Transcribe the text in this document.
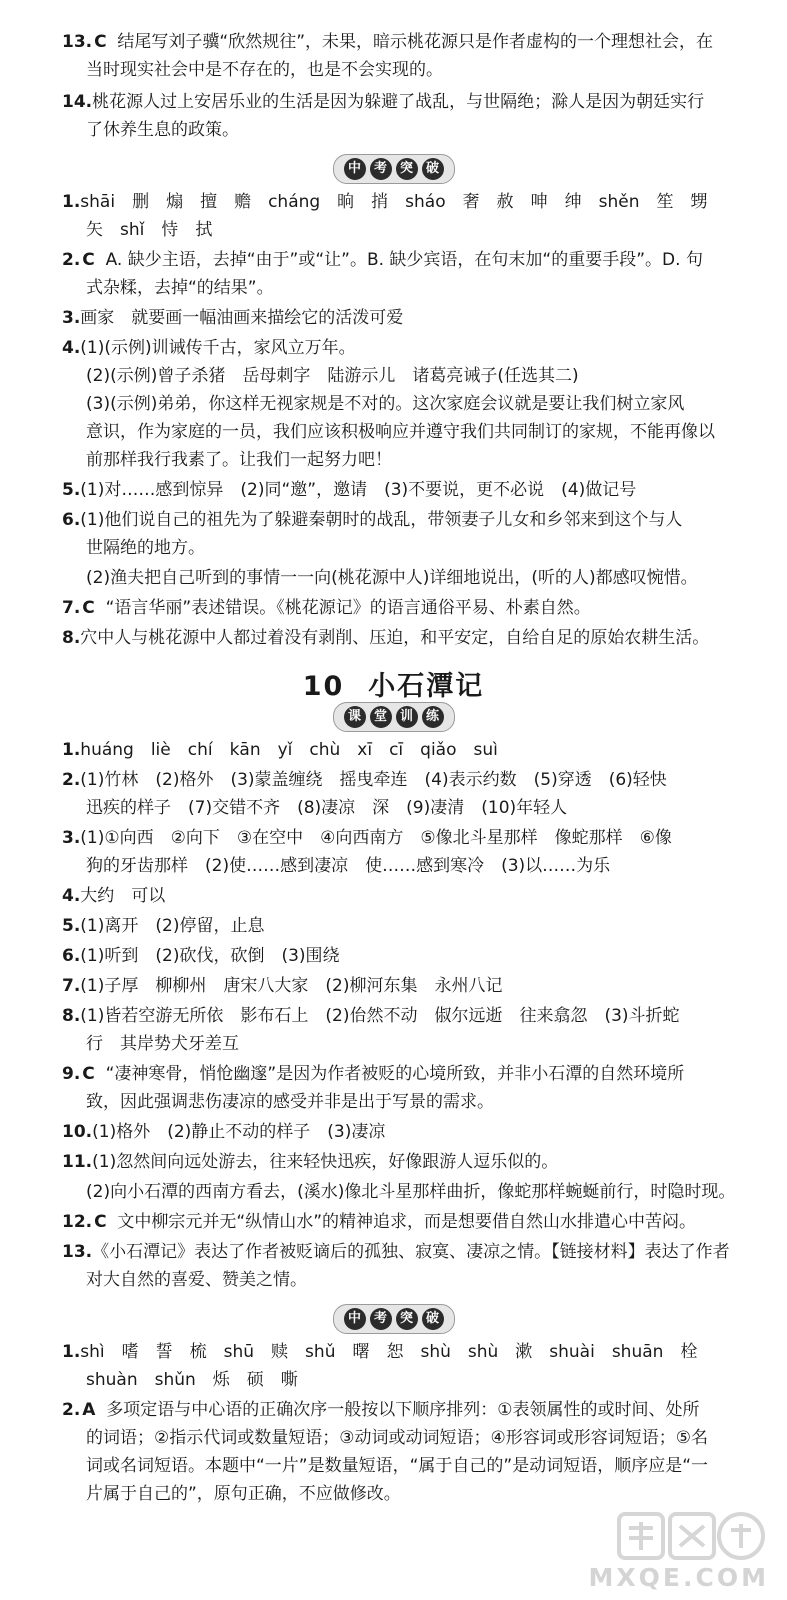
13. C 结尾写刘子骥“欣然规往”，未果，暗示桃花源只是作者虚构的一个理想社会，在
当时现实社会中是不存在的，也是不会实现的。
14.桃花源人过上安居乐业的生活是因为躲避了战乱，与世隔绝；滁人是因为朝廷实行
了休养生息的政策。
1.shāi　删　煽　擅　赡　cháng　晌　捎　sháo　奢　赦　呻　绅　shěn　笙　甥
矢　shǐ　恃　拭
2. C A. 缺少主语，去掉“由于”或“让”。B. 缺少宾语，在句末加“的重要手段”。D. 句
式杂糅，去掉“的结果”。
3.画家　就要画一幅油画来描绘它的活泼可爱
4.(1)(示例)训诫传千古，家风立万年。
(2)(示例)曾子杀猪　岳母刺字　陆游示儿　诸葛亮诫子(任选其二)
(3)(示例)弟弟，你这样无视家规是不对的。这次家庭会议就是要让我们树立家风
意识，作为家庭的一员，我们应该积极响应并遵守我们共同制订的家规，不能再像以
前那样我行我素了。让我们一起努力吧！
5.(1)对……感到惊异　(2)同“邀”，邀请　(3)不要说，更不必说　(4)做记号
6.(1)他们说自己的祖先为了躲避秦朝时的战乱，带领妻子儿女和乡邻来到这个与人
世隔绝的地方。
(2)渔夫把自己听到的事情一一向(桃花源中人)详细地说出，(听的人)都感叹惋惜。
7. C “语言华丽”表述错误。《桃花源记》的语言通俗平易、朴素自然。
8.穴中人与桃花源中人都过着没有剥削、压迫，和平安定，自给自足的原始农耕生活。
1.huáng　liè　chí　kān　yǐ　chù　xī　cī　qiǎo　suì
2.(1)竹林　(2)格外　(3)蒙盖缠绕　摇曳牵连　(4)表示约数　(5)穿透　(6)轻快
迅疾的样子　(7)交错不齐　(8)凄凉　深　(9)凄清　(10)年轻人
3.(1)①向西　②向下　③在空中　④向西南方　⑤像北斗星那样　像蛇那样　⑥像
狗的牙齿那样　(2)使……感到凄凉　使……感到寒冷　(3)以……为乐
4.大约　可以
5.(1)离开　(2)停留，止息
6.(1)听到　(2)砍伐，砍倒　(3)围绕
7.(1)子厚　柳柳州　唐宋八大家　(2)柳河东集　永州八记
8.(1)皆若空游无所依　影布石上　(2)佁然不动　俶尔远逝　往来翕忽　(3)斗折蛇
行　其岸势犬牙差互
9. C “凄神寒骨，悄怆幽邃”是因为作者被贬的心境所致，并非小石潭的自然环境所
致，因此强调悲伤凄凉的感受并非是出于写景的需求。
10.(1)格外　(2)静止不动的样子　(3)凄凉
11.(1)忽然间向远处游去，往来轻快迅疾，好像跟游人逗乐似的。
(2)向小石潭的西南方看去，(溪水)像北斗星那样曲折，像蛇那样蜿蜒前行，时隐时现。
12. C 文中柳宗元并无“纵情山水”的精神追求，而是想要借自然山水排遣心中苦闷。
13.《小石潭记》表达了作者被贬谪后的孤独、寂寞、凄凉之情。【链接材料】表达了作者
对大自然的喜爱、赞美之情。
1.shì　嗜　誓　梳　shū　赎　shǔ　曙　恕　shù　shù　漱　shuài　shuān　栓
shuàn　shǔn　烁　硕　嘶
2. A 多项定语与中心语的正确次序一般按以下顺序排列：①表领属性的或时间、处所
的词语；②指示代词或数量短语；③动词或动词短语；④形容词或形容词短语；⑤名
词或名词短语。本题中“一片”是数量短语，“属于自己的”是动词短语，顺序应是“一
片属于自己的”，原句正确，不应做修改。
中 考 突 破
课 堂 训 练
中 考 突 破
10 小石潭记
MXQE.COM
